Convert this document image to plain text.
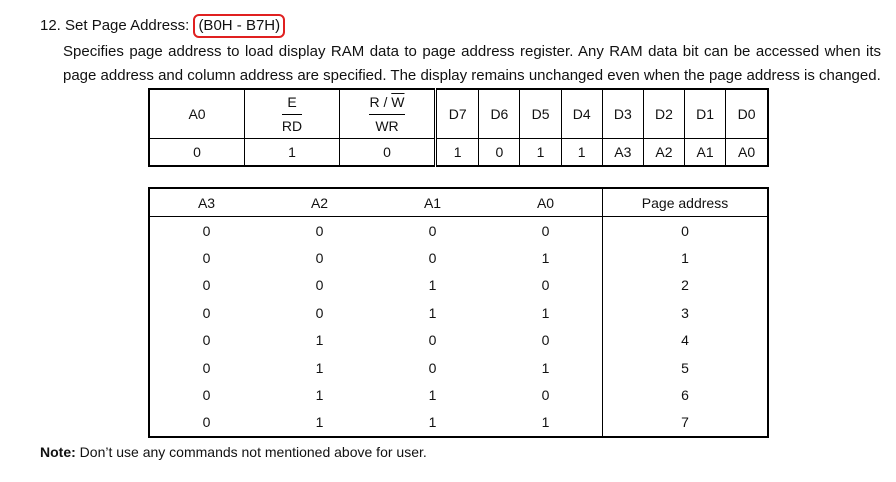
12. Set Page Address: (B0H - B7H)
Specifies page address to load display RAM data to page address register. Any RAM data bit can be accessed when its page address and column address are specified. The display remains unchanged even when the page address is changed.
A0	$\frac{E}{RD}$	$\frac{R / \overline{W}}{WR}$	D7	D6	D5	D4	D3	D2	D1	D0
0	1	0	1	0	1	1	A3	A2	A1	A0
A3	A2	A1	A0	Page address
0	0	0	0	0
0	0	0	1	1
0	0	1	0	2
0	0	1	1	3
0	1	0	0	4
0	1	0	1	5
0	1	1	0	6
0	1	1	1	7
Note: Don’t use any commands not mentioned above for user.
